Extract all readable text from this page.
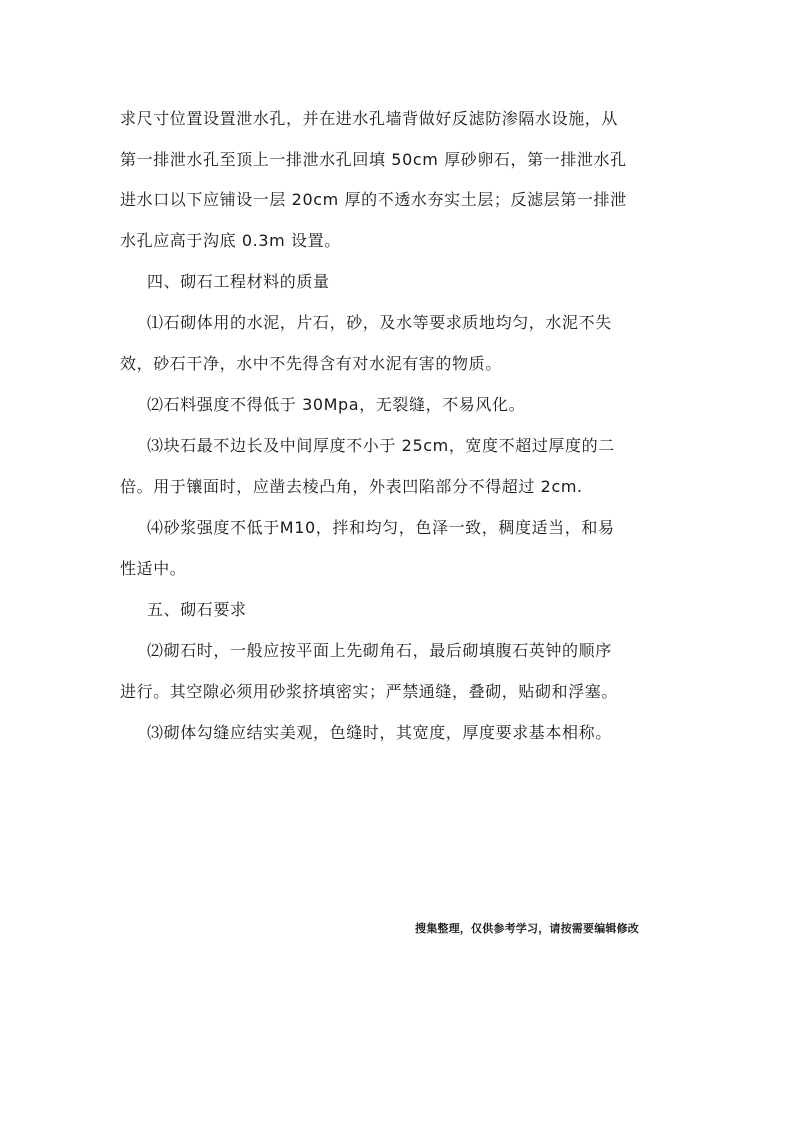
求尺寸位置设置泄水孔，并在进水孔墙背做好反滤防渗隔水设施，从
第一排泄水孔至顶上一排泄水孔回填 50cm 厚砂卵石，第一排泄水孔
进水口以下应铺设一层 20cm 厚的不透水夯实土层；反滤层第一排泄
水孔应高于沟底 0.3m 设置。
四、砌石工程材料的质量
⑴石砌体用的水泥，片石，砂，及水等要求质地均匀，水泥不失
效，砂石干净，水中不先得含有对水泥有害的物质。
⑵石料强度不得低于 30Mpa，无裂缝，不易风化。
⑶块石最不边长及中间厚度不小于 25cm，宽度不超过厚度的二
倍。用于镶面时，应凿去棱凸角，外表凹陷部分不得超过 2cm.
⑷砂浆强度不低于M10，拌和均匀，色泽一致，稠度适当，和易
性适中。
五、砌石要求
⑵砌石时，一般应按平面上先砌角石，最后砌填腹石英钟的顺序
进行。其空隙必须用砂浆挤填密实；严禁通缝，叠砌，贴砌和浮塞。
⑶砌体勾缝应结实美观，色缝时，其宽度，厚度要求基本相称。
搜集整理，仅供参考学习，请按需要编辑修改
